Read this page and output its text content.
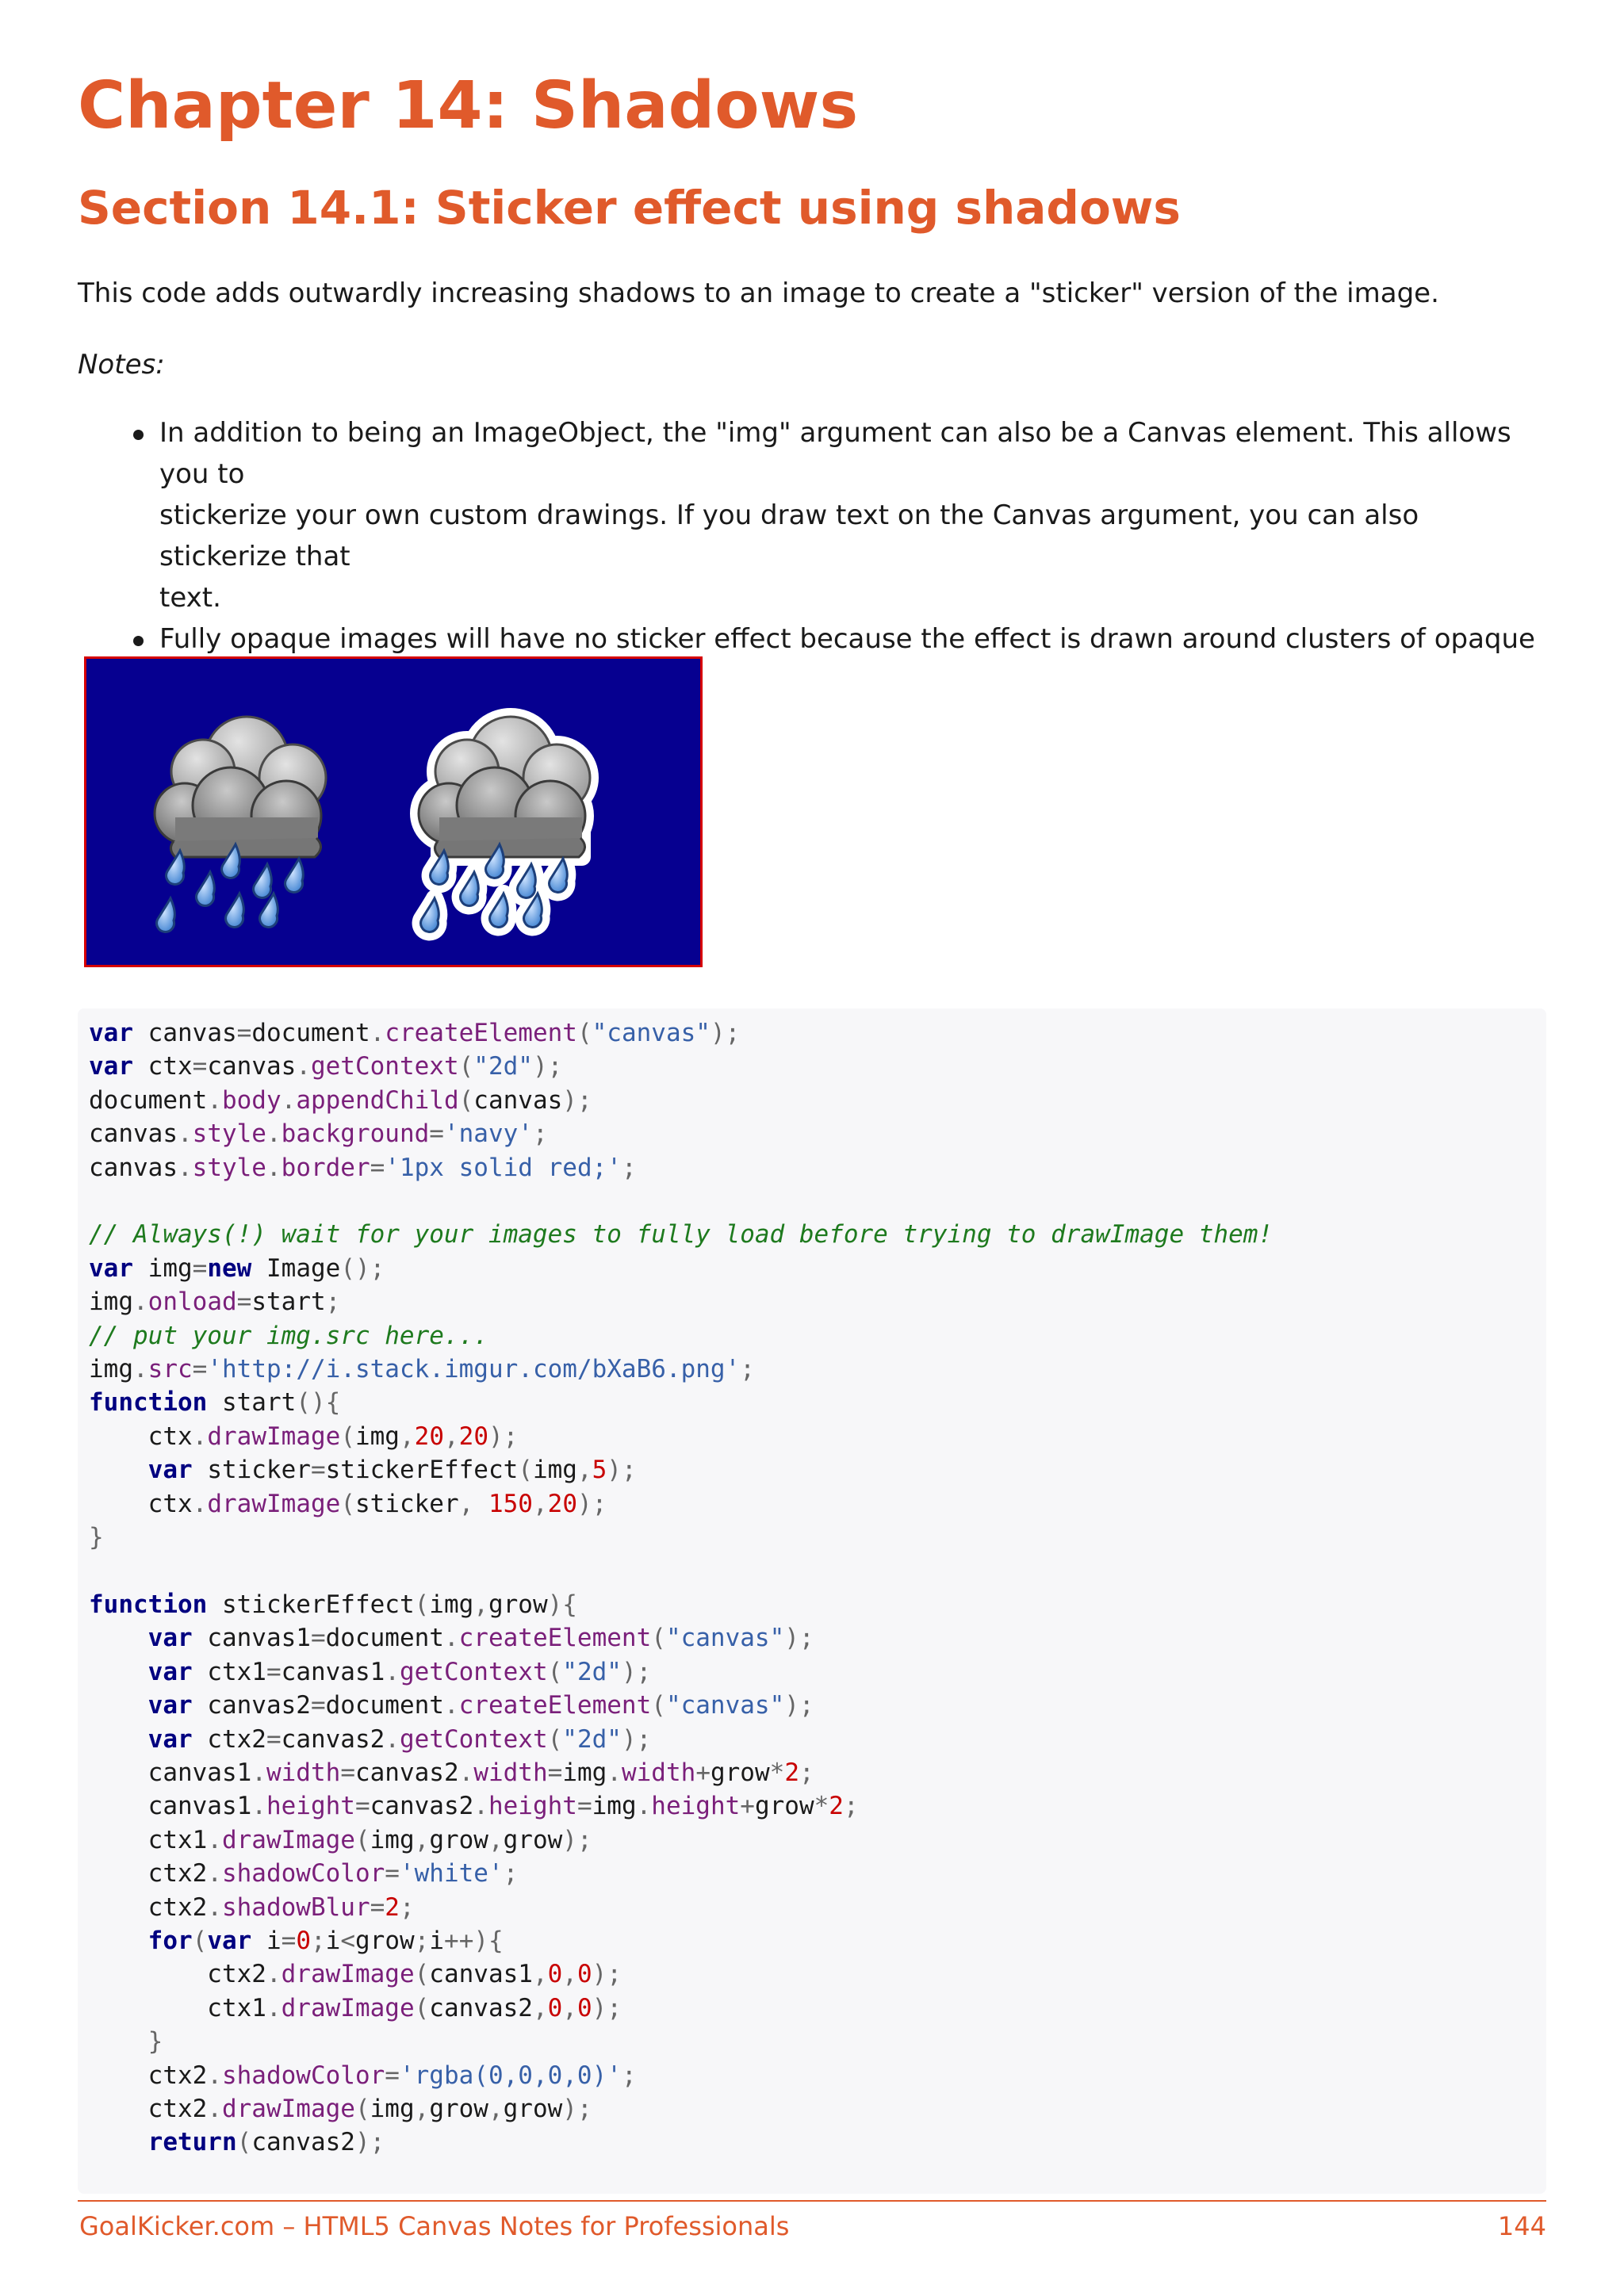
Chapter 14: Shadows
Section 14.1: Sticker effect using shadows

This code adds outwardly increasing shadows to an image to create a "sticker" version of the image.

Notes:

In addition to being an ImageObject, the "img" argument can also be a Canvas element. This allows you to
stickerize your own custom drawings. If you draw text on the Canvas argument, you can also stickerize that
text.
Fully opaque images will have no sticker effect because the effect is drawn around clusters of opaque

var canvas=document.createElement("canvas");
var ctx=canvas.getContext("2d");
document.body.appendChild(canvas);
canvas.style.background='navy';
canvas.style.border='1px solid red;';

// Always(!) wait for your images to fully load before trying to drawImage them!
var img=new Image();
img.onload=start;
// put your img.src here...
img.src='http://i.stack.imgur.com/bXaB6.png';
function start(){
ctx.drawImage(img,20,20);
var sticker=stickerEffect(img,5);
ctx.drawImage(sticker, 150,20);
}

function stickerEffect(img,grow){
var canvas1=document.createElement("canvas");
var ctx1=canvas1.getContext("2d");
var canvas2=document.createElement("canvas");
var ctx2=canvas2.getContext("2d");
canvas1.width=canvas2.width=img.width+grow*2;
canvas1.height=canvas2.height=img.height+grow*2;
ctx1.drawImage(img,grow,grow);
ctx2.shadowColor='white';
ctx2.shadowBlur=2;
for(var i=0;i<grow;i++){
ctx2.drawImage(canvas1,0,0);
ctx1.drawImage(canvas2,0,0);
}
ctx2.shadowColor='rgba(0,0,0,0)';
ctx2.drawImage(img,grow,grow);
return(canvas2);
GoalKicker.com – HTML5 Canvas Notes for Professionals	144
